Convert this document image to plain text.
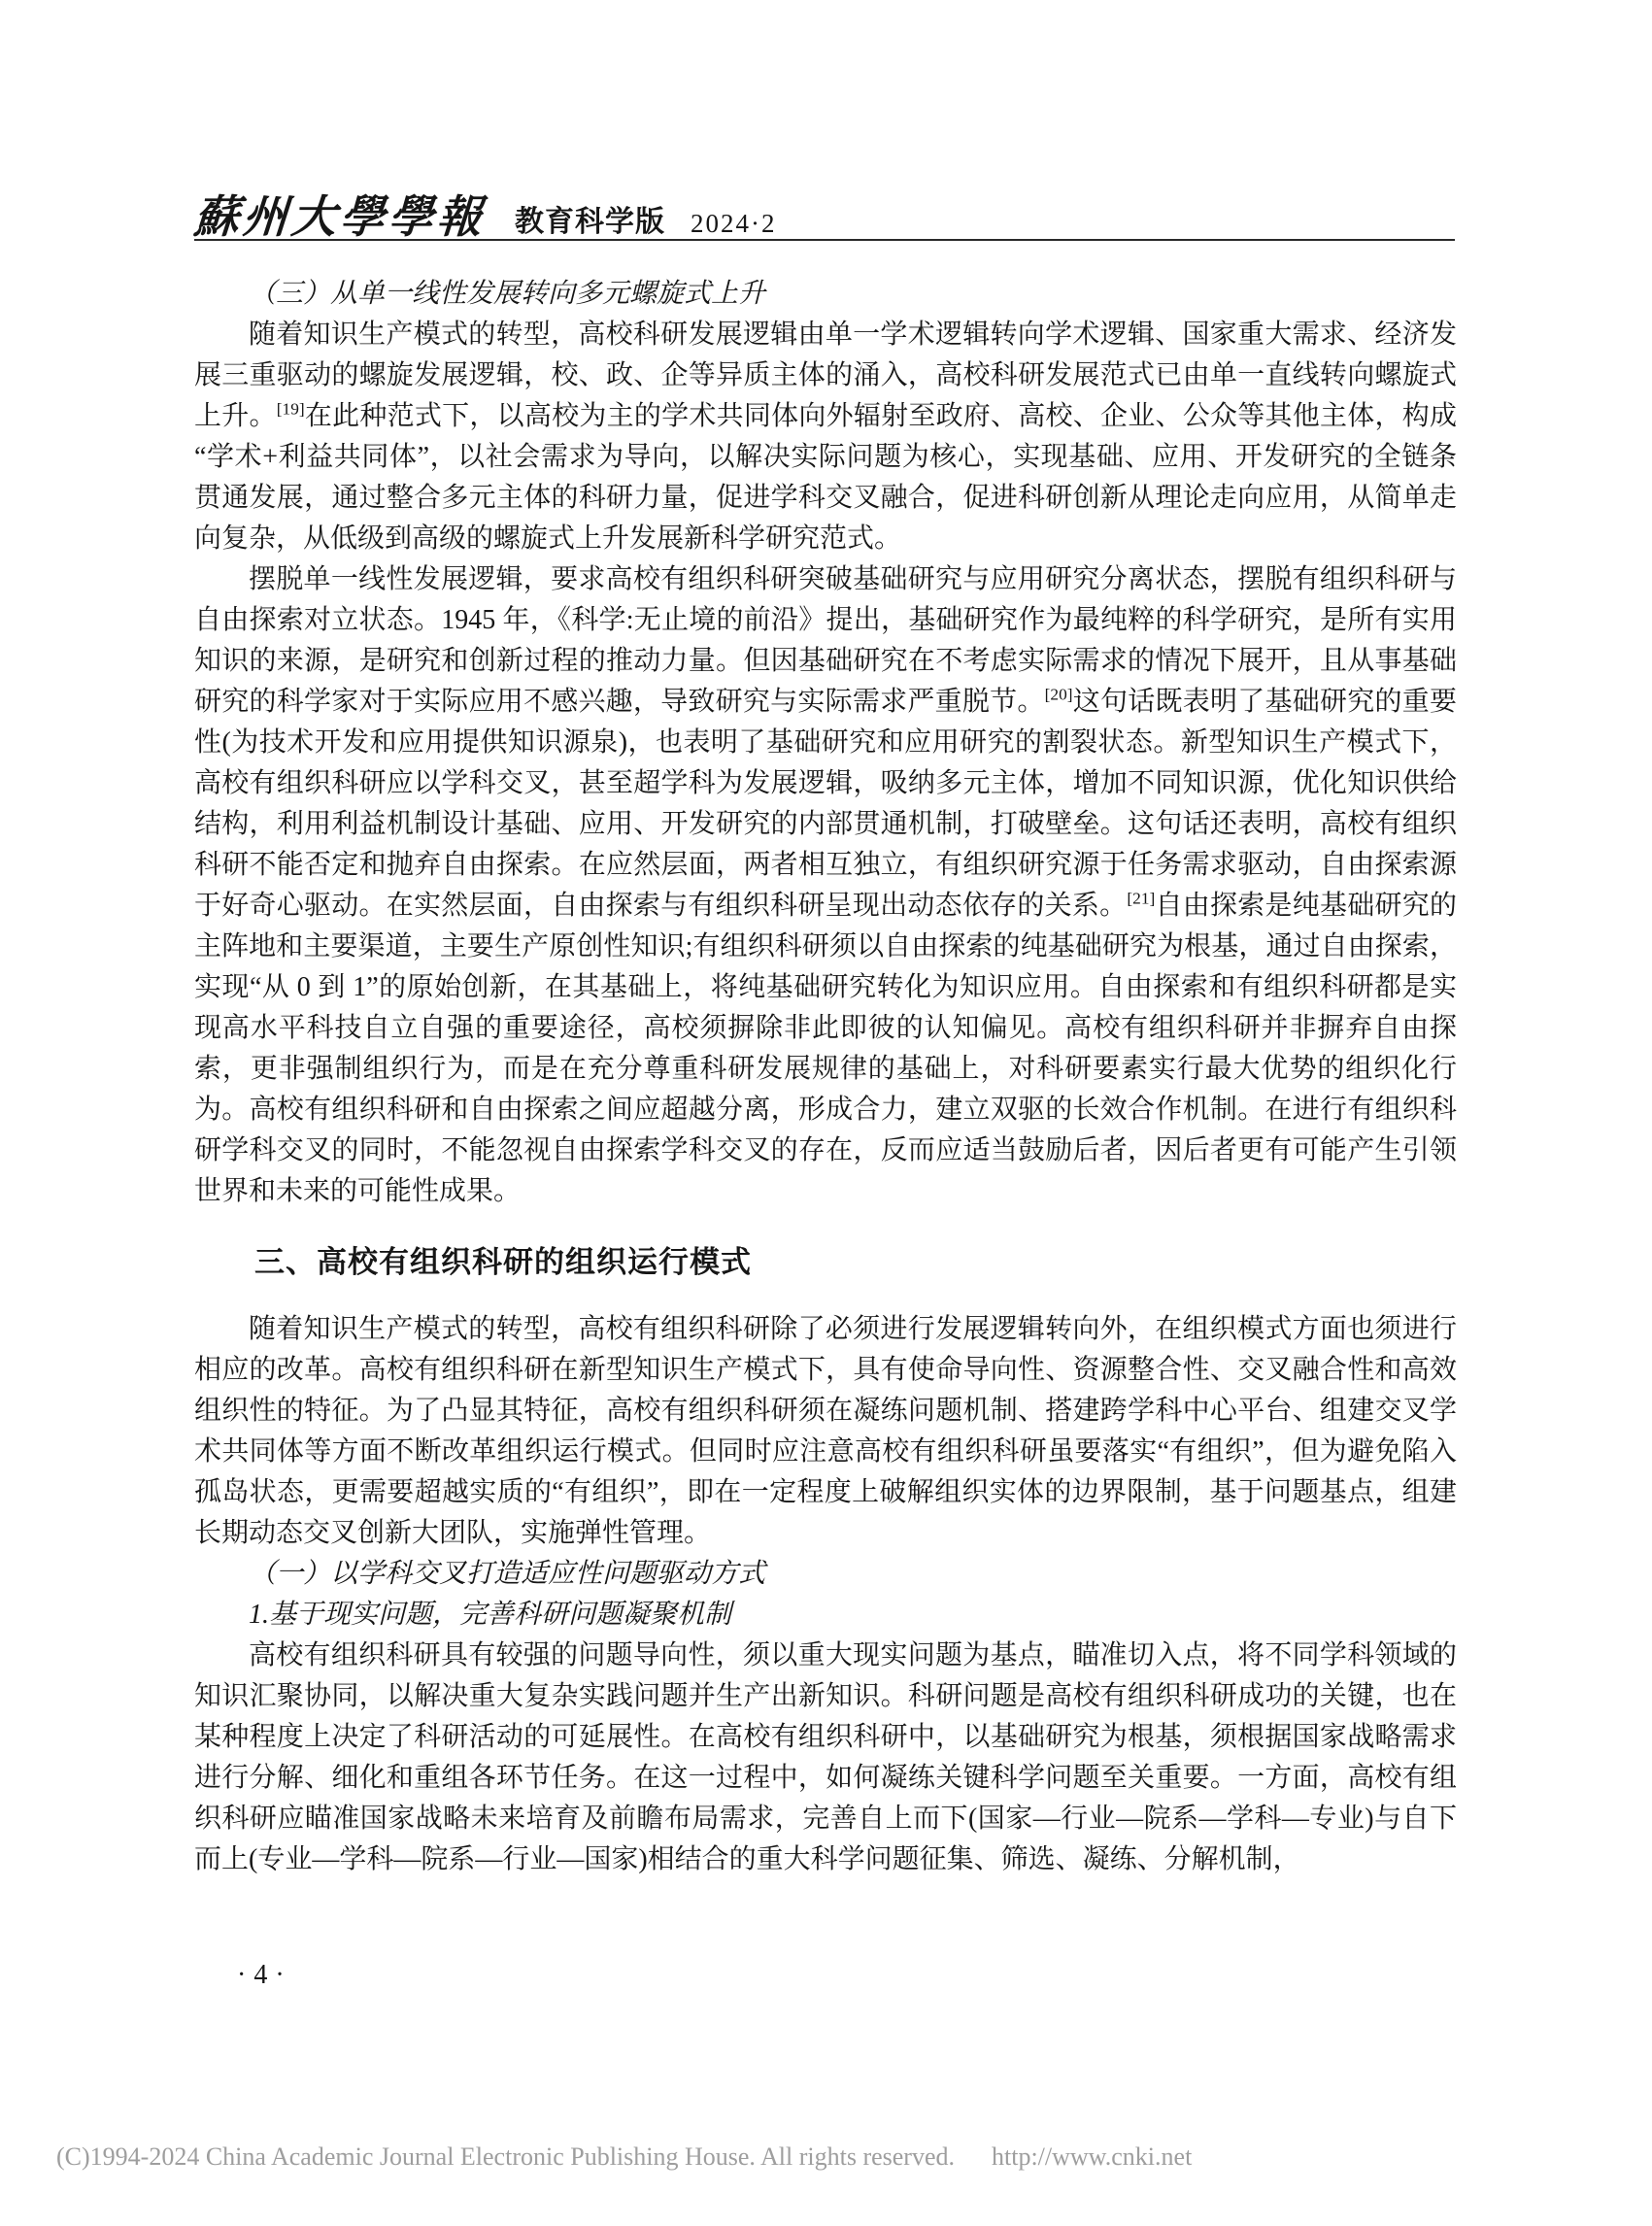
蘇州大學學報 教育科学版 2024·2

（三）从单一线性发展转向多元螺旋式上升

随着知识生产模式的转型，高校科研发展逻辑由单一学术逻辑转向学术逻辑、国家重大需求、经济发展三重驱动的螺旋发展逻辑，校、政、企等异质主体的涌入，高校科研发展范式已由单一直线转向螺旋式上升。[19]在此种范式下，以高校为主的学术共同体向外辐射至政府、高校、企业、公众等其他主体，构成“学术+利益共同体”，以社会需求为导向，以解决实际问题为核心，实现基础、应用、开发研究的全链条贯通发展，通过整合多元主体的科研力量，促进学科交叉融合，促进科研创新从理论走向应用，从简单走向复杂，从低级到高级的螺旋式上升发展新科学研究范式。

摆脱单一线性发展逻辑，要求高校有组织科研突破基础研究与应用研究分离状态，摆脱有组织科研与自由探索对立状态。1945 年，《科学:无止境的前沿》提出，基础研究作为最纯粹的科学研究，是所有实用知识的来源，是研究和创新过程的推动力量。但因基础研究在不考虑实际需求的情况下展开，且从事基础研究的科学家对于实际应用不感兴趣，导致研究与实际需求严重脱节。[20]这句话既表明了基础研究的重要性(为技术开发和应用提供知识源泉)，也表明了基础研究和应用研究的割裂状态。新型知识生产模式下，高校有组织科研应以学科交叉，甚至超学科为发展逻辑，吸纳多元主体，增加不同知识源，优化知识供给结构，利用利益机制设计基础、应用、开发研究的内部贯通机制，打破壁垒。这句话还表明，高校有组织科研不能否定和抛弃自由探索。在应然层面，两者相互独立，有组织研究源于任务需求驱动，自由探索源于好奇心驱动。在实然层面，自由探索与有组织科研呈现出动态依存的关系。[21]自由探索是纯基础研究的主阵地和主要渠道，主要生产原创性知识;有组织科研须以自由探索的纯基础研究为根基，通过自由探索，实现“从 0 到 1”的原始创新，在其基础上，将纯基础研究转化为知识应用。自由探索和有组织科研都是实现高水平科技自立自强的重要途径，高校须摒除非此即彼的认知偏见。高校有组织科研并非摒弃自由探索，更非强制组织行为，而是在充分尊重科研发展规律的基础上，对科研要素实行最大优势的组织化行为。高校有组织科研和自由探索之间应超越分离，形成合力，建立双驱的长效合作机制。在进行有组织科研学科交叉的同时，不能忽视自由探索学科交叉的存在，反而应适当鼓励后者，因后者更有可能产生引领世界和未来的可能性成果。

三、高校有组织科研的组织运行模式

随着知识生产模式的转型，高校有组织科研除了必须进行发展逻辑转向外，在组织模式方面也须进行相应的改革。高校有组织科研在新型知识生产模式下，具有使命导向性、资源整合性、交叉融合性和高效组织性的特征。为了凸显其特征，高校有组织科研须在凝练问题机制、搭建跨学科中心平台、组建交叉学术共同体等方面不断改革组织运行模式。但同时应注意高校有组织科研虽要落实“有组织”，但为避免陷入孤岛状态，更需要超越实质的“有组织”，即在一定程度上破解组织实体的边界限制，基于问题基点，组建长期动态交叉创新大团队，实施弹性管理。

（一）以学科交叉打造适应性问题驱动方式

1.基于现实问题，完善科研问题凝聚机制

高校有组织科研具有较强的问题导向性，须以重大现实问题为基点，瞄准切入点，将不同学科领域的知识汇聚协同，以解决重大复杂实践问题并生产出新知识。科研问题是高校有组织科研成功的关键，也在某种程度上决定了科研活动的可延展性。在高校有组织科研中，以基础研究为根基，须根据国家战略需求进行分解、细化和重组各环节任务。在这一过程中，如何凝练关键科学问题至关重要。一方面，高校有组织科研应瞄准国家战略未来培育及前瞻布局需求，完善自上而下(国家—行业—院系—学科—专业)与自下而上(专业—学科—院系—行业—国家)相结合的重大科学问题征集、筛选、凝练、分解机制，

·4·
(C)1994-2024 China Academic Journal Electronic Publishing House. All rights reserved. http://www.cnki.net
